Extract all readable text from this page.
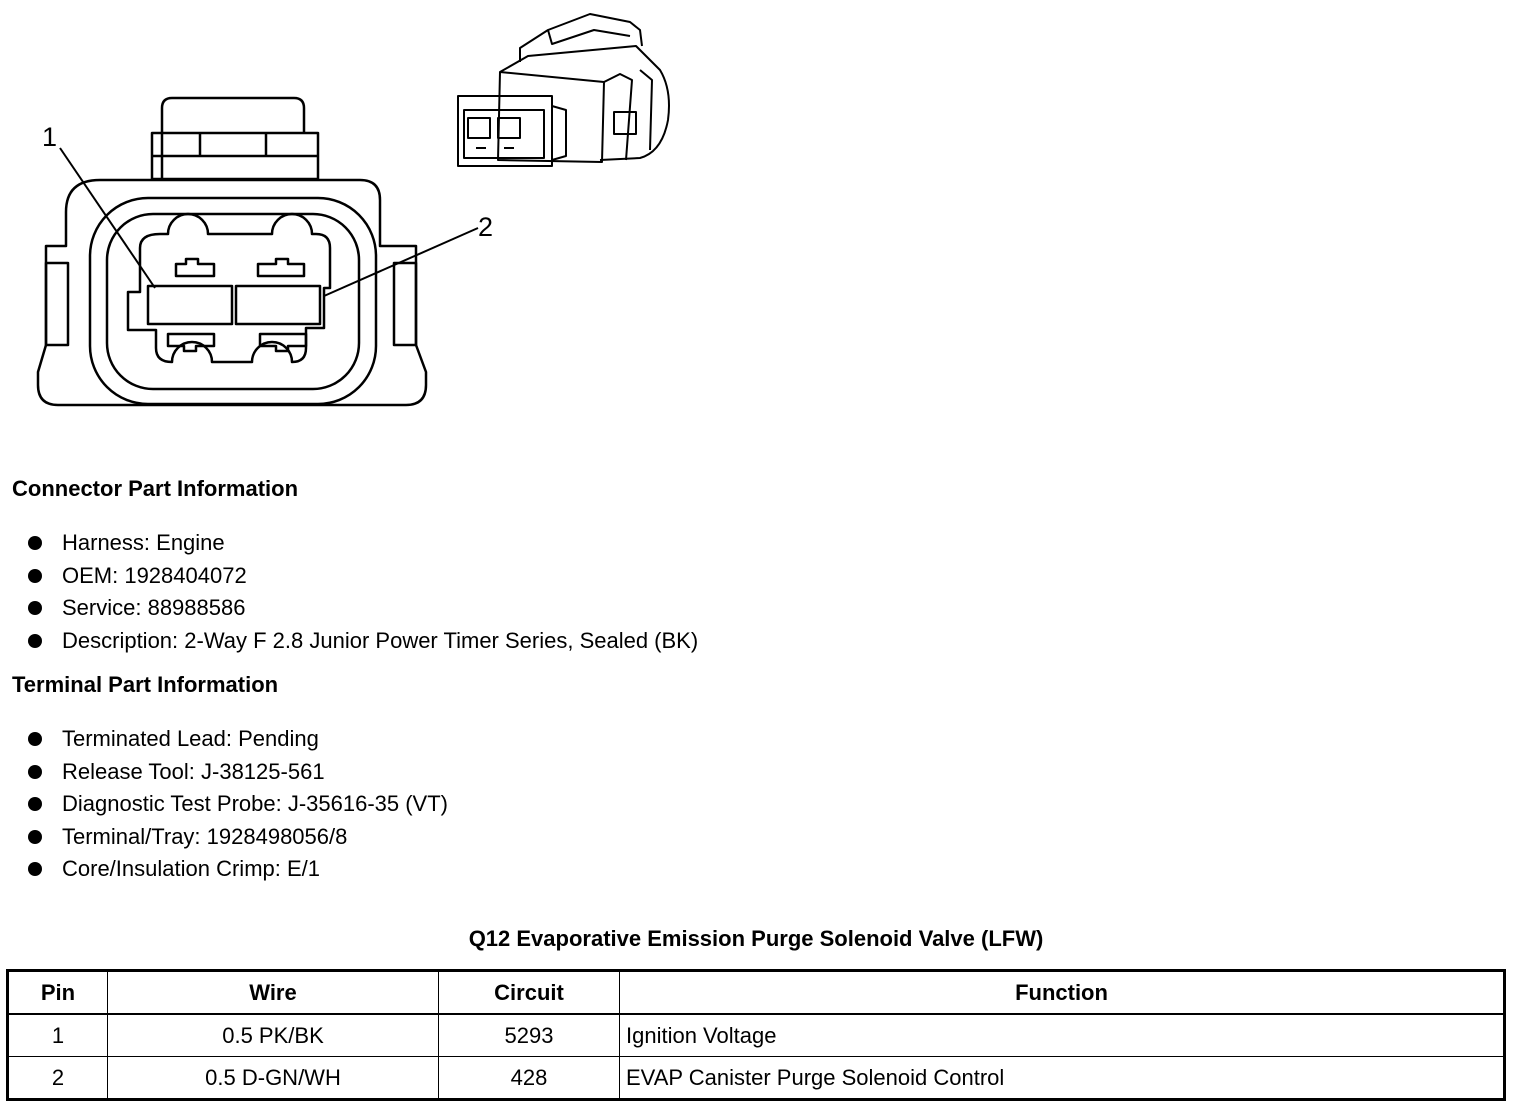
1
2
Connector Part Information
Harness: Engine
OEM: 1928404072
Service: 88988586
Description: 2-Way F 2.8 Junior Power Timer Series, Sealed (BK)
Terminal Part Information
Terminated Lead: Pending
Release Tool: J-38125-561
Diagnostic Test Probe: J-35616-35 (VT)
Terminal/Tray: 1928498056/8
Core/Insulation Crimp: E/1
Q12 Evaporative Emission Purge Solenoid Valve (LFW)
Pin	Wire	Circuit	Function
1	0.5 PK/BK	5293	Ignition Voltage
2	0.5 D-GN/WH	428	EVAP Canister Purge Solenoid Control
